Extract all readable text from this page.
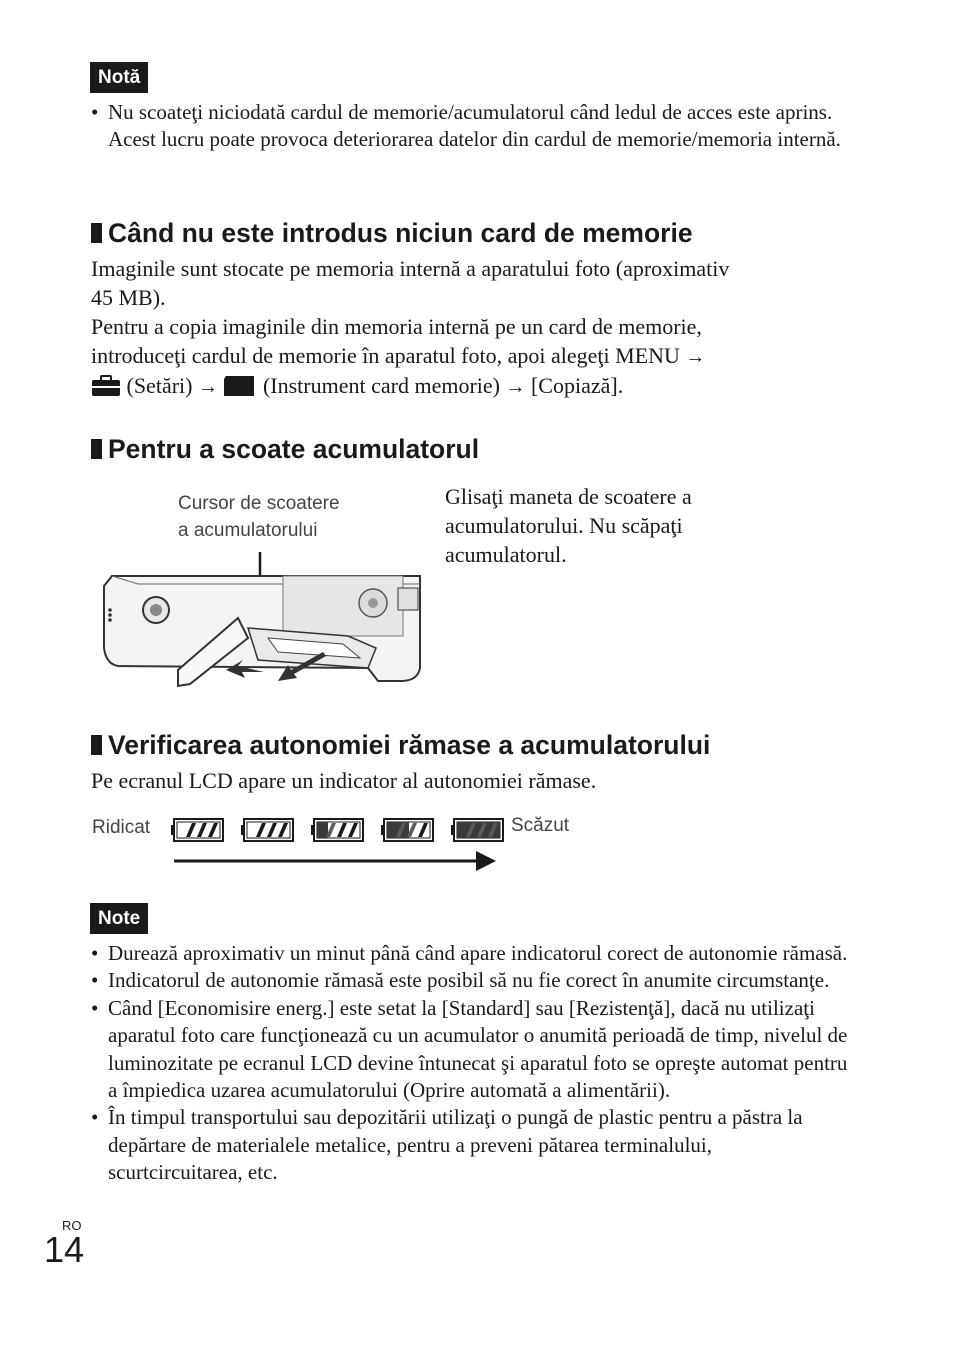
Notă
• Nu scoateţi niciodată cardul de memorie/acumulatorul când ledul de acces este aprins. Acest lucru poate provoca deteriorarea datelor din cardul de memorie/memoria internă.
Când nu este introdus niciun card de memorie

Imaginile sunt stocate pe memoria internă a aparatului foto (aproximativ 45 MB).

Pentru a copia imaginile din memoria internă pe un card de memorie,
introduceţi cardul de memorie în aparatul foto, apoi alegeţi MENU →
(Setări) → (Instrument card memorie) → [Copiază].
Pentru a scoate acumulatorul
Cursor de scoatere
a acumulatorului
Glisaţi maneta de scoatere a acumulatorului. Nu scăpaţi acumulatorul.
Verificarea autonomiei rămase a acumulatorului

Pe ecranul LCD apare un indicator al autonomiei rămase.

Ridicat	Scăzut
Note
• Durează aproximativ un minut până când apare indicatorul corect de autonomie rămasă.
• Indicatorul de autonomie rămasă este posibil să nu fie corect în anumite circumstanţe.
• Când [Economisire energ.] este setat la [Standard] sau [Rezistenţă], dacă nu utilizaţi aparatul foto care funcţionează cu un acumulator o anumită perioadă de timp, nivelul de luminozitate pe ecranul LCD devine întunecat şi aparatul foto se opreşte automat pentru a împiedica uzarea acumulatorului (Oprire automată a alimentării).
• În timpul transportului sau depozitării utilizaţi o pungă de plastic pentru a păstra la depărtare de materialele metalice, pentru a preveni pătarea terminalului, scurtcircuitarea, etc.
RO
14
